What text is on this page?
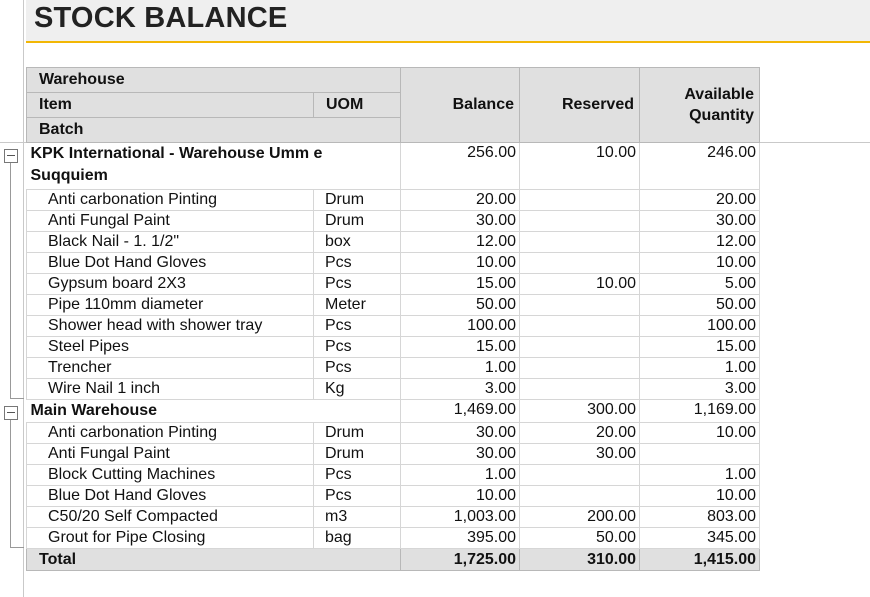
STOCK BALANCE
Warehouse		Balance	Reserved	Available
Quantity
Item	UOM			
Batch				
KPK International - Warehouse Umm e Suqquiem		256.00	10.00	246.00
Anti carbonation Pinting	Drum	20.00		20.00
Anti Fungal Paint	Drum	30.00		30.00
Black Nail - 1. 1/2"	box	12.00		12.00
Blue Dot Hand Gloves	Pcs	10.00		10.00
Gypsum board 2X3	Pcs	15.00	10.00	5.00
Pipe 110mm diameter	Meter	50.00		50.00
Shower head with shower tray	Pcs	100.00		100.00
Steel Pipes	Pcs	15.00		15.00
Trencher	Pcs	1.00		1.00
Wire Nail 1 inch	Kg	3.00		3.00
Main Warehouse		1,469.00	300.00	1,169.00
Anti carbonation Pinting	Drum	30.00	20.00	10.00
Anti Fungal Paint	Drum	30.00	30.00	
Block Cutting Machines	Pcs	1.00		1.00
Blue Dot Hand Gloves	Pcs	10.00		10.00
C50/20 Self Compacted	m3	1,003.00	200.00	803.00
Grout for Pipe Closing	bag	395.00	50.00	345.00
Total		1,725.00	310.00	1,415.00
